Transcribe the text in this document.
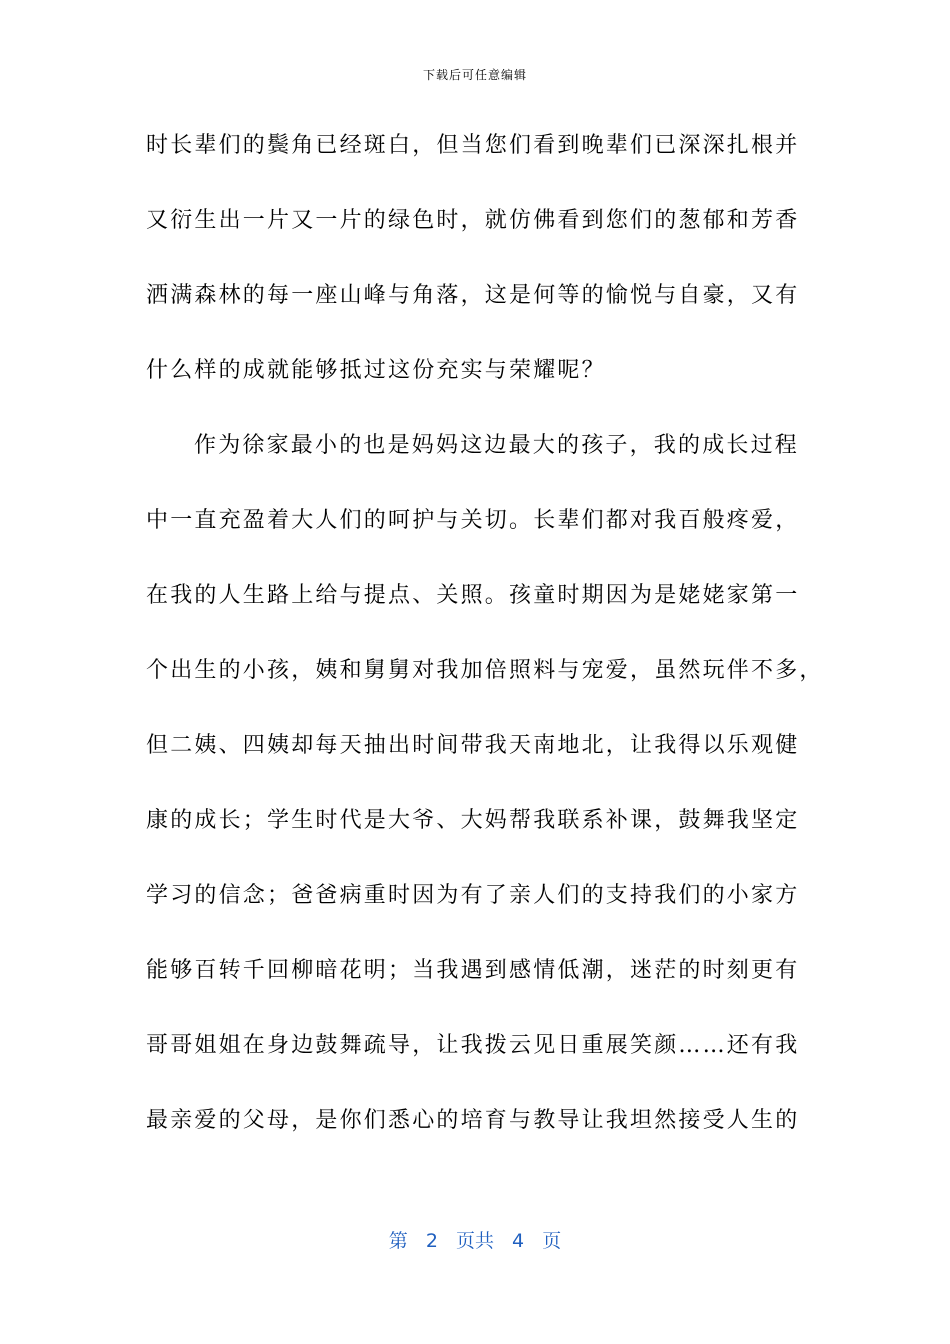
下载后可任意编辑
时长辈们的鬓角已经斑白，但当您们看到晚辈们已深深扎根并
又衍生出一片又一片的绿色时，就仿佛看到您们的葱郁和芳香
洒满森林的每一座山峰与角落，这是何等的愉悦与自豪，又有
什么样的成就能够抵过这份充实与荣耀呢？
作为徐家最小的也是妈妈这边最大的孩子，我的成长过程
中一直充盈着大人们的呵护与关切。长辈们都对我百般疼爱，
在我的人生路上给与提点、关照。孩童时期因为是姥姥家第一
个出生的小孩，姨和舅舅对我加倍照料与宠爱，虽然玩伴不多，
但二姨、四姨却每天抽出时间带我天南地北，让我得以乐观健
康的成长；学生时代是大爷、大妈帮我联系补课，鼓舞我坚定
学习的信念；爸爸病重时因为有了亲人们的支持我们的小家方
能够百转千回柳暗花明；当我遇到感情低潮，迷茫的时刻更有
哥哥姐姐在身边鼓舞疏导，让我拨云见日重展笑颜……还有我
最亲爱的父母，是你们悉心的培育与教导让我坦然接受人生的
第 2 页共 4 页
